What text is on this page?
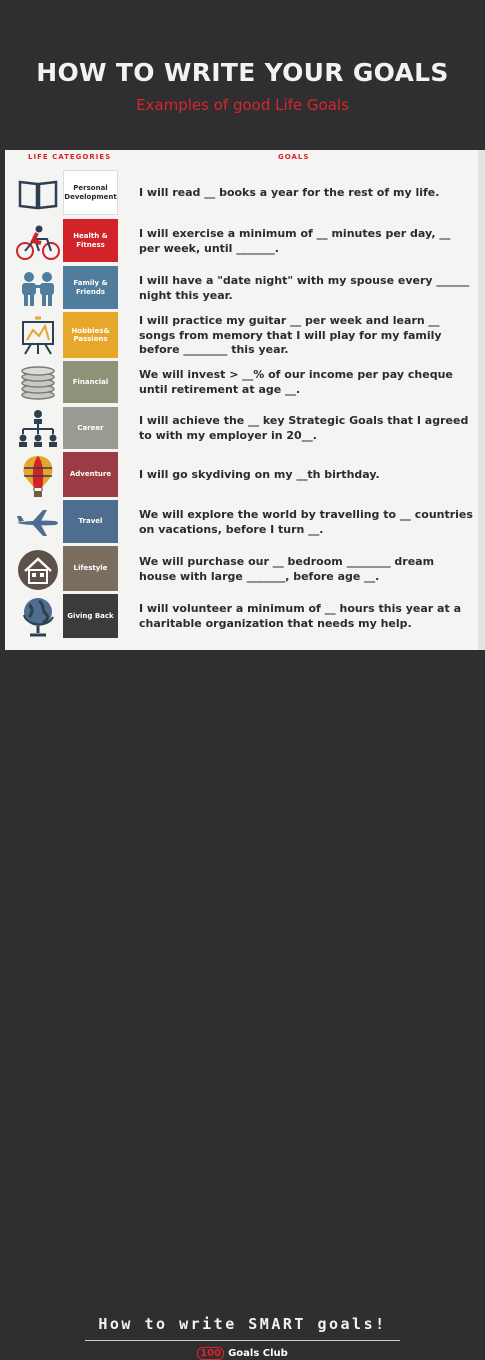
HOW TO WRITE YOUR GOALS
Examples of good Life Goals
LIFE CATEGORIES	GOALS
Personal Development I will read __ books a year for the rest of my life.
Health & Fitness
I will exercise a minimum of __ minutes per day, __ per week, until _______.
Family & Friends
I will have a "date night" with my spouse every ______ night this year.
Hobbies& Passions
I will practice my guitar __ per week and learn __ songs from memory that I will play for my family before ________ this year.
Financial
We will invest > __% of our income per pay cheque until retirement at age __.
Career
I will achieve the __ key Strategic Goals that I agreed to with my employer in 20__.
Adventure	I will go skydiving on my __th birthday.
Travel
We will explore the world by travelling to __ countries on vacations, before I turn __.
Lifestyle
We will purchase our __ bedroom ________ dream house with large _______, before age __.
Giving Back
I will volunteer a minimum of __ hours this year at a charitable organization that needs my help.
How to write SMART goals!
100 Goals Club
